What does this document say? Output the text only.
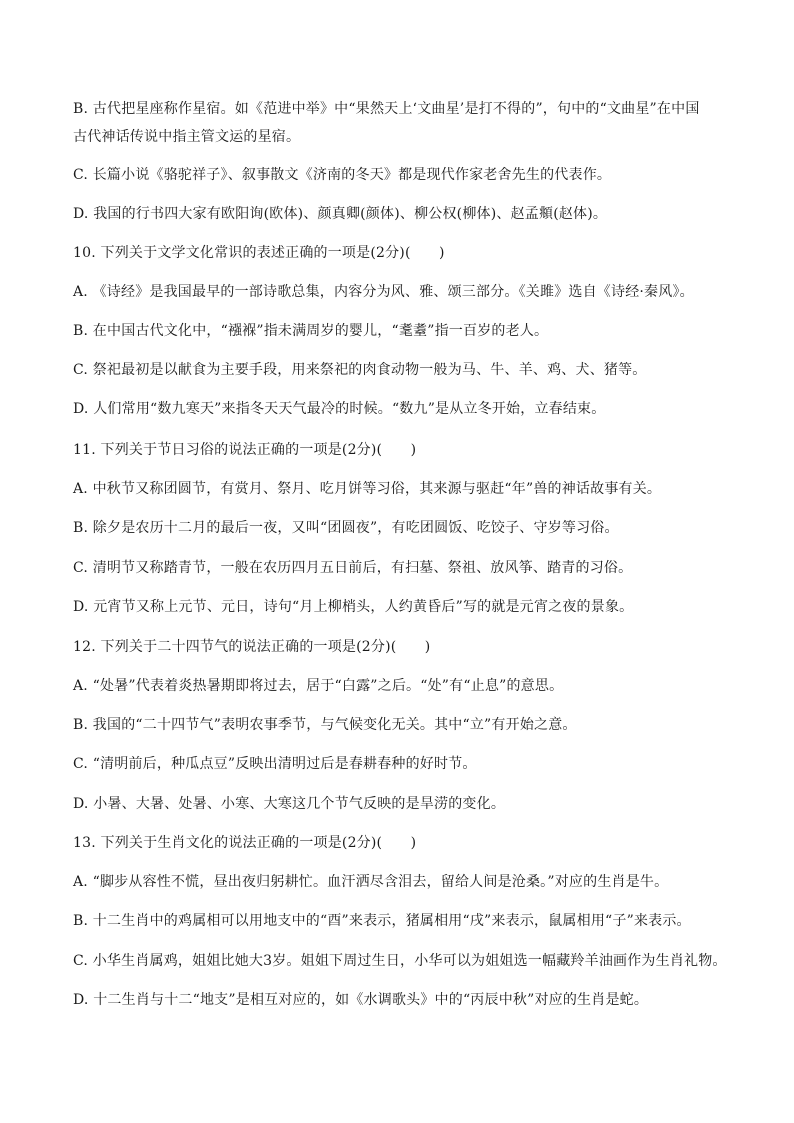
B. 古代把星座称作星宿。如《范进中举》中“果然天上‘文曲星’是打不得的”，句中的“文曲星”在中国
古代神话传说中指主管文运的星宿。
C. 长篇小说《骆驼祥子》、叙事散文《济南的冬天》都是现代作家老舍先生的代表作。
D. 我国的行书四大家有欧阳询(欧体)、颜真卿(颜体)、柳公权(柳体)、赵孟頫(赵体)。
10. 下列关于文学文化常识的表述正确的一项是(2分)(　　)
A. 《诗经》是我国最早的一部诗歌总集，内容分为风、雅、颂三部分。《关雎》选自《诗经·秦风》。
B. 在中国古代文化中，“襁褓”指未满周岁的婴儿，“耄耋”指一百岁的老人。
C. 祭祀最初是以献食为主要手段，用来祭祀的肉食动物一般为马、牛、羊、鸡、犬、猪等。
D. 人们常用“数九寒天”来指冬天天气最冷的时候。“数九”是从立冬开始，立春结束。
11. 下列关于节日习俗的说法正确的一项是(2分)(　　)
A. 中秋节又称团圆节，有赏月、祭月、吃月饼等习俗，其来源与驱赶“年”兽的神话故事有关。
B. 除夕是农历十二月的最后一夜，又叫“团圆夜”，有吃团圆饭、吃饺子、守岁等习俗。
C. 清明节又称踏青节，一般在农历四月五日前后，有扫墓、祭祖、放风筝、踏青的习俗。
D. 元宵节又称上元节、元日，诗句“月上柳梢头，人约黄昏后”写的就是元宵之夜的景象。
12. 下列关于二十四节气的说法正确的一项是(2分)(　　)
A. “处暑”代表着炎热暑期即将过去，居于“白露”之后。“处”有“止息”的意思。
B. 我国的“二十四节气”表明农事季节，与气候变化无关。其中“立”有开始之意。
C. “清明前后，种瓜点豆”反映出清明过后是春耕春种的好时节。
D. 小暑、大暑、处暑、小寒、大寒这几个节气反映的是旱涝的变化。
13. 下列关于生肖文化的说法正确的一项是(2分)(　　)
A. “脚步从容性不慌，昼出夜归躬耕忙。血汗洒尽含泪去，留给人间是沧桑。”对应的生肖是牛。
B. 十二生肖中的鸡属相可以用地支中的“酉”来表示，猪属相用“戌”来表示，鼠属相用“子”来表示。
C. 小华生肖属鸡，姐姐比她大3岁。姐姐下周过生日，小华可以为姐姐选一幅藏羚羊油画作为生肖礼物。
D. 十二生肖与十二“地支”是相互对应的，如《水调歌头》中的“丙辰中秋”对应的生肖是蛇。
